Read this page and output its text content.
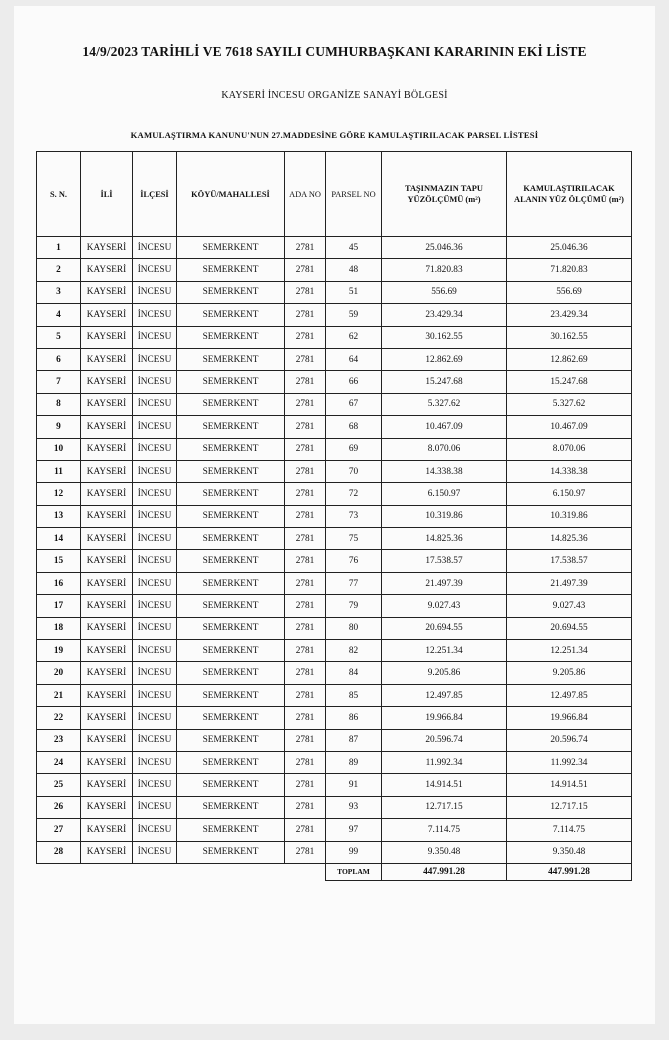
14/9/2023 TARİHLİ VE 7618 SAYILI CUMHURBAŞKANI KARARININ EKİ LİSTE
KAYSERİ İNCESU ORGANİZE SANAYİ BÖLGESİ
KAMULAŞTIRMA KANUNU'NUN 27.MADDESİNE GÖRE KAMULAŞTIRILACAK PARSEL LİSTESİ
S. N.	İLİ	İLÇESİ	KÖYÜ/MAHALLESİ	ADA NO	PARSEL NO	TAŞINMAZIN TAPU YÜZÖLÇÜMÜ (m²)	KAMULAŞTIRILACAK ALANIN YÜZ ÖLÇÜMÜ (m²)
1	KAYSERİ	İNCESU	SEMERKENT	2781	45	25.046.36	25.046.36
2	KAYSERİ	İNCESU	SEMERKENT	2781	48	71.820.83	71.820.83
3	KAYSERİ	İNCESU	SEMERKENT	2781	51	556.69	556.69
4	KAYSERİ	İNCESU	SEMERKENT	2781	59	23.429.34	23.429.34
5	KAYSERİ	İNCESU	SEMERKENT	2781	62	30.162.55	30.162.55
6	KAYSERİ	İNCESU	SEMERKENT	2781	64	12.862.69	12.862.69
7	KAYSERİ	İNCESU	SEMERKENT	2781	66	15.247.68	15.247.68
8	KAYSERİ	İNCESU	SEMERKENT	2781	67	5.327.62	5.327.62
9	KAYSERİ	İNCESU	SEMERKENT	2781	68	10.467.09	10.467.09
10	KAYSERİ	İNCESU	SEMERKENT	2781	69	8.070.06	8.070.06
11	KAYSERİ	İNCESU	SEMERKENT	2781	70	14.338.38	14.338.38
12	KAYSERİ	İNCESU	SEMERKENT	2781	72	6.150.97	6.150.97
13	KAYSERİ	İNCESU	SEMERKENT	2781	73	10.319.86	10.319.86
14	KAYSERİ	İNCESU	SEMERKENT	2781	75	14.825.36	14.825.36
15	KAYSERİ	İNCESU	SEMERKENT	2781	76	17.538.57	17.538.57
16	KAYSERİ	İNCESU	SEMERKENT	2781	77	21.497.39	21.497.39
17	KAYSERİ	İNCESU	SEMERKENT	2781	79	9.027.43	9.027.43
18	KAYSERİ	İNCESU	SEMERKENT	2781	80	20.694.55	20.694.55
19	KAYSERİ	İNCESU	SEMERKENT	2781	82	12.251.34	12.251.34
20	KAYSERİ	İNCESU	SEMERKENT	2781	84	9.205.86	9.205.86
21	KAYSERİ	İNCESU	SEMERKENT	2781	85	12.497.85	12.497.85
22	KAYSERİ	İNCESU	SEMERKENT	2781	86	19.966.84	19.966.84
23	KAYSERİ	İNCESU	SEMERKENT	2781	87	20.596.74	20.596.74
24	KAYSERİ	İNCESU	SEMERKENT	2781	89	11.992.34	11.992.34
25	KAYSERİ	İNCESU	SEMERKENT	2781	91	14.914.51	14.914.51
26	KAYSERİ	İNCESU	SEMERKENT	2781	93	12.717.15	12.717.15
27	KAYSERİ	İNCESU	SEMERKENT	2781	97	7.114.75	7.114.75
28	KAYSERİ	İNCESU	SEMERKENT	2781	99	9.350.48	9.350.48
					TOPLAM	447.991.28	447.991.28
